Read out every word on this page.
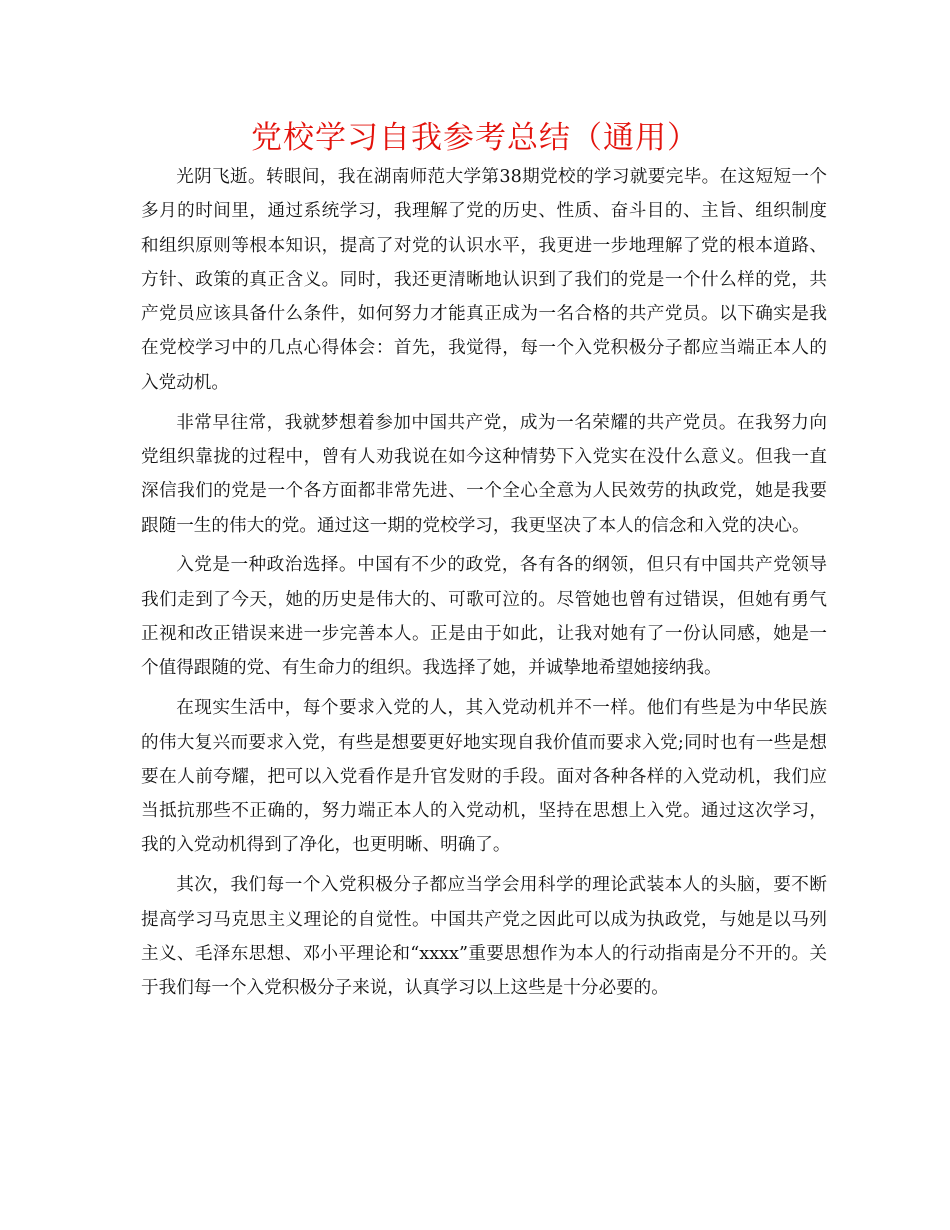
党校学习自我参考总结（通用）

光阴飞逝。转眼间，我在湖南师范大学第38期党校的学习就要完毕。在这短短一个多月的时间里，通过系统学习，我理解了党的历史、性质、奋斗目的、主旨、组织制度和组织原则等根本知识，提高了对党的认识水平，我更进一步地理解了党的根本道路、方针、政策的真正含义。同时，我还更清晰地认识到了我们的党是一个什么样的党，共产党员应该具备什么条件，如何努力才能真正成为一名合格的共产党员。以下确实是我在党校学习中的几点心得体会：首先，我觉得，每一个入党积极分子都应当端正本人的入党动机。

非常早往常，我就梦想着参加中国共产党，成为一名荣耀的共产党员。在我努力向党组织靠拢的过程中，曾有人劝我说在如今这种情势下入党实在没什么意义。但我一直深信我们的党是一个各方面都非常先进、一个全心全意为人民效劳的执政党，她是我要跟随一生的伟大的党。通过这一期的党校学习，我更坚决了本人的信念和入党的决心。

入党是一种政治选择。中国有不少的政党，各有各的纲领，但只有中国共产党领导我们走到了今天，她的历史是伟大的、可歌可泣的。尽管她也曾有过错误，但她有勇气正视和改正错误来进一步完善本人。正是由于如此，让我对她有了一份认同感，她是一个值得跟随的党、有生命力的组织。我选择了她，并诚挚地希望她接纳我。

在现实生活中，每个要求入党的人，其入党动机并不一样。他们有些是为中华民族的伟大复兴而要求入党，有些是想要更好地实现自我价值而要求入党;同时也有一些是想要在人前夸耀，把可以入党看作是升官发财的手段。面对各种各样的入党动机，我们应当抵抗那些不正确的，努力端正本人的入党动机，坚持在思想上入党。通过这次学习，我的入党动机得到了净化，也更明晰、明确了。

其次，我们每一个入党积极分子都应当学会用科学的理论武装本人的头脑，要不断提高学习马克思主义理论的自觉性。中国共产党之因此可以成为执政党，与她是以马列主义、毛泽东思想、邓小平理论和“xxxx”重要思想作为本人的行动指南是分不开的。关于我们每一个入党积极分子来说，认真学习以上这些是十分必要的。
